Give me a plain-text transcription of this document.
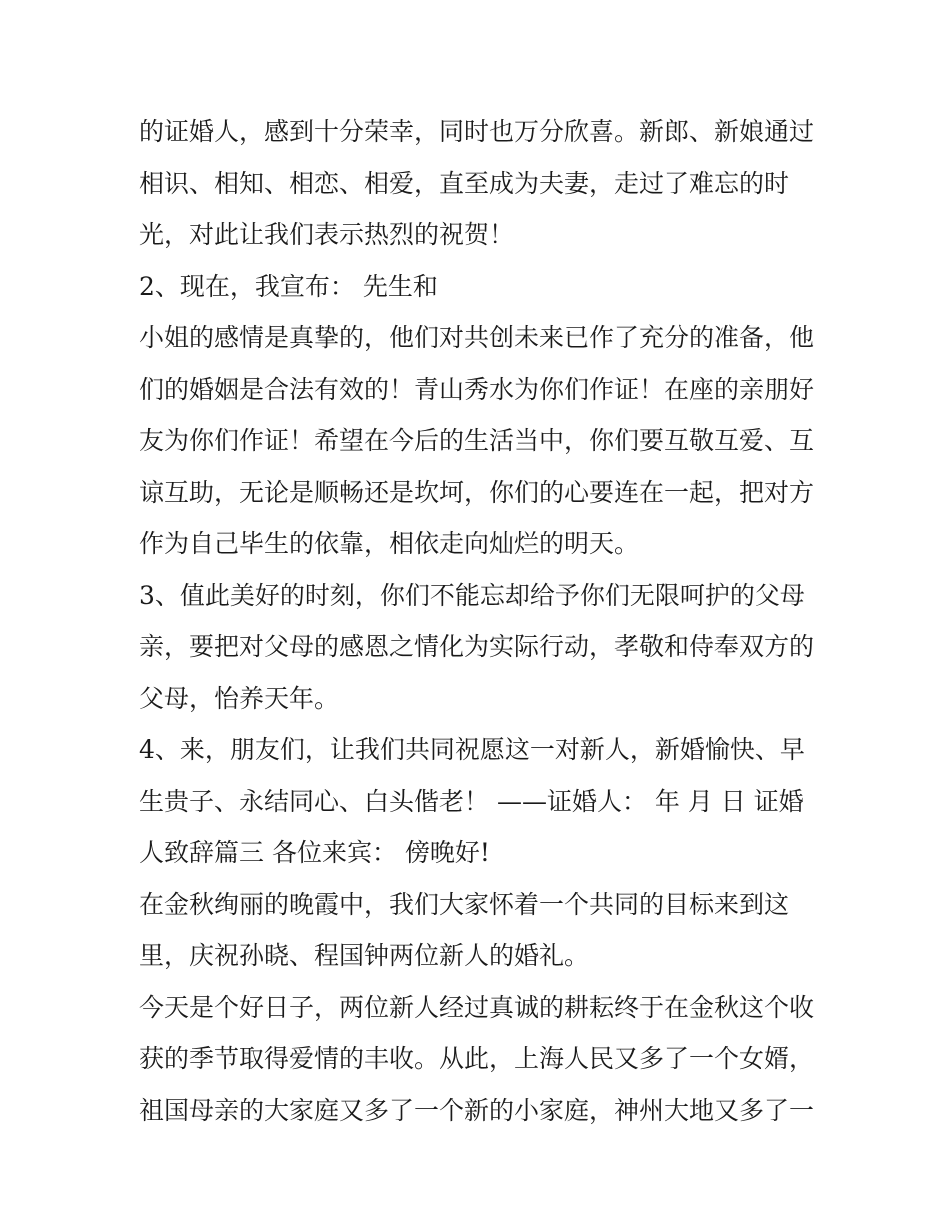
的证婚人，感到十分荣幸，同时也万分欣喜。新郎、新娘通过
相识、相知、相恋、相爱，直至成为夫妻，走过了难忘的时
光，对此让我们表示热烈的祝贺！
2、现在，我宣布： 先生和
小姐的感情是真挚的，他们对共创未来已作了充分的准备，他
们的婚姻是合法有效的！青山秀水为你们作证！在座的亲朋好
友为你们作证！希望在今后的生活当中，你们要互敬互爱、互
谅互助，无论是顺畅还是坎坷，你们的心要连在一起，把对方
作为自己毕生的依靠，相依走向灿烂的明天。
3、值此美好的时刻，你们不能忘却给予你们无限呵护的父母
亲，要把对父母的感恩之情化为实际行动，孝敬和侍奉双方的
父母，怡养天年。
4、来，朋友们，让我们共同祝愿这一对新人，新婚愉快、早
生贵子、永结同心、白头偕老！ ——证婚人： 年 月 日 证婚
人致辞篇三 各位来宾： 傍晚好!
在金秋绚丽的晚霞中，我们大家怀着一个共同的目标来到这
里，庆祝孙晓、程国钟两位新人的婚礼。
今天是个好日子，两位新人经过真诚的耕耘终于在金秋这个收
获的季节取得爱情的丰收。从此，上海人民又多了一个女婿，
祖国母亲的大家庭又多了一个新的小家庭，神州大地又多了一
